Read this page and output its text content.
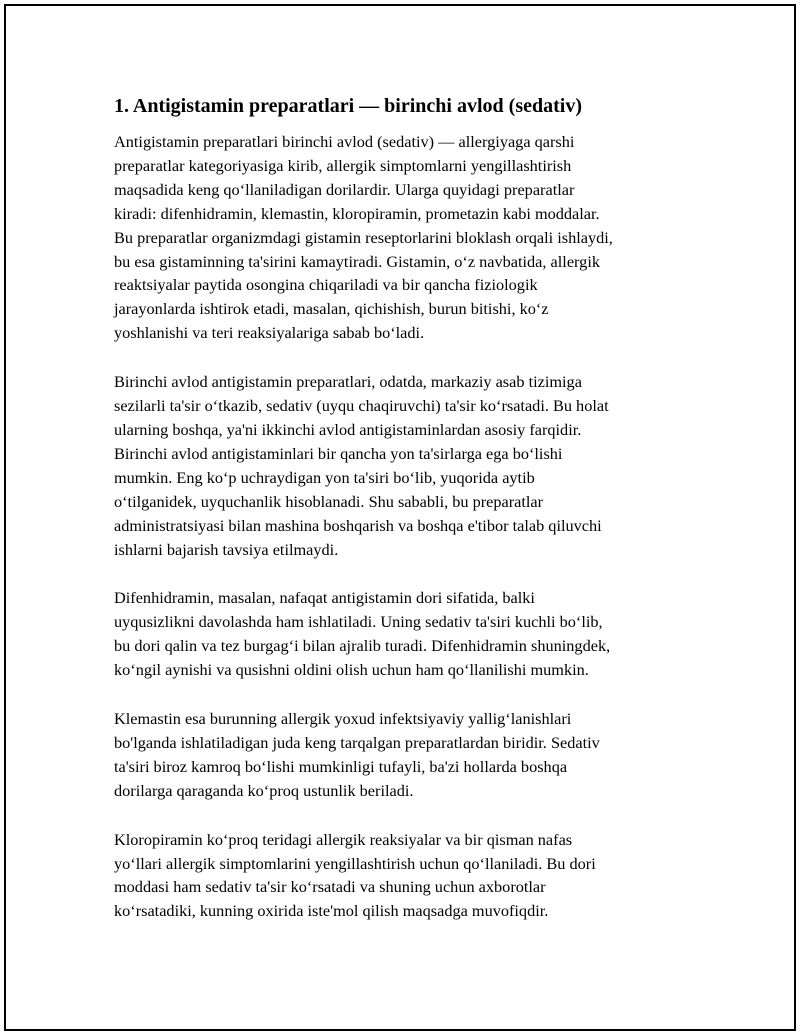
1. Antigistamin preparatlari — birinchi avlod (sedativ)

Antigistamin preparatlari birinchi avlod (sedativ) — allergiyaga qarshi
preparatlar kategoriyasiga kirib, allergik simptomlarni yengillashtirish
maqsadida keng qo‘llaniladigan dorilardir. Ularga quyidagi preparatlar
kiradi: difenhidramin, klemastin, kloropiramin, prometazin kabi moddalar.
Bu preparatlar organizmdagi gistamin reseptorlarini bloklash orqali ishlaydi,
bu esa gistaminning ta'sirini kamaytiradi. Gistamin, o‘z navbatida, allergik
reaktsiyalar paytida osongina chiqariladi va bir qancha fiziologik
jarayonlarda ishtirok etadi, masalan, qichishish, burun bitishi, ko‘z
yoshlanishi va teri reaksiyalariga sabab bo‘ladi.

Birinchi avlod antigistamin preparatlari, odatda, markaziy asab tizimiga
sezilarli ta'sir o‘tkazib, sedativ (uyqu chaqiruvchi) ta'sir ko‘rsatadi. Bu holat
ularning boshqa, ya'ni ikkinchi avlod antigistaminlardan asosiy farqidir.
Birinchi avlod antigistaminlari bir qancha yon ta'sirlarga ega bo‘lishi
mumkin. Eng ko‘p uchraydigan yon ta'siri bo‘lib, yuqorida aytib
o‘tilganidek, uyquchanlik hisoblanadi. Shu sababli, bu preparatlar
administratsiyasi bilan mashina boshqarish va boshqa e'tibor talab qiluvchi
ishlarni bajarish tavsiya etilmaydi.

Difenhidramin, masalan, nafaqat antigistamin dori sifatida, balki
uyqusizlikni davolashda ham ishlatiladi. Uning sedativ ta'siri kuchli bo‘lib,
bu dori qalin va tez burgag‘i bilan ajralib turadi. Difenhidramin shuningdek,
ko‘ngil aynishi va qusishni oldini olish uchun ham qo‘llanilishi mumkin.

Klemastin esa burunning allergik yoxud infektsiyaviy yallig‘lanishlari
bo'lganda ishlatiladigan juda keng tarqalgan preparatlardan biridir. Sedativ
ta'siri biroz kamroq bo‘lishi mumkinligi tufayli, ba'zi hollarda boshqa
dorilarga qaraganda ko‘proq ustunlik beriladi.

Kloropiramin ko‘proq teridagi allergik reaksiyalar va bir qisman nafas
yo‘llari allergik simptomlarini yengillashtirish uchun qo‘llaniladi. Bu dori
moddasi ham sedativ ta'sir ko‘rsatadi va shuning uchun axborotlar
ko‘rsatadiki, kunning oxirida iste'mol qilish maqsadga muvofiqdir.
